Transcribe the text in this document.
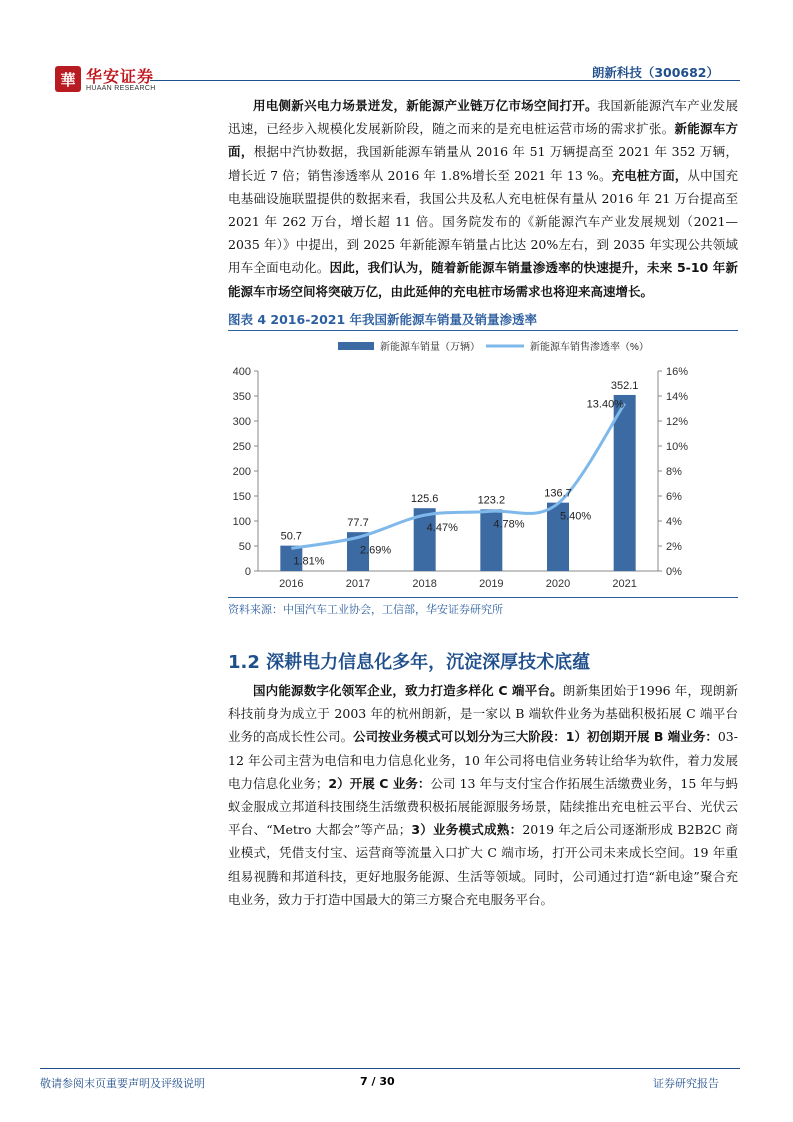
華 华安证券
HUAAN RESEARCH
朗新科技（300682）
用电侧新兴电力场景迸发，新能源产业链万亿市场空间打开。我国新能源汽车产业发展迅速，已经步入规模化发展新阶段，随之而来的是充电桩运营市场的需求扩张。新能源车方面，根据中汽协数据，我国新能源车销量从 2016 年 51 万辆提高至 2021 年 352 万辆，增长近 7 倍；销售渗透率从 2016 年 1.8%增长至 2021 年 13 %。充电桩方面，从中国充电基础设施联盟提供的数据来看，我国公共及私人充电桩保有量从 2016 年 21 万台提高至 2021 年 262 万台，增长超 11 倍。国务院发布的《新能源汽车产业发展规划（2021—2035 年）》中提出，到 2025 年新能源车销量占比达 20%左右，到 2035 年实现公共领域用车全面电动化。因此，我们认为，随着新能源车销量渗透率的快速提升，未来 5-10 年新能源车市场空间将突破万亿，由此延伸的充电桩市场需求也将迎来高速增长。
图表 4 2016-2021 年我国新能源车销量及销量渗透率
新能源车销量（万辆）	新能源车销售渗透率（%）
0
50
100
150
200
250
300
350
400
0%
2%
4%
6%
8%
10%
12%
14%
16%
2016	2017	2018	2019	2020	2021
50.7
77.7
125.6	123.2
136.7
352.1
1.81%
2.69%
4.47%	4.78%
5.40%
13.40%
资料来源：中国汽车工业协会，工信部，华安证券研究所
1.2 深耕电力信息化多年，沉淀深厚技术底蕴
国内能源数字化领军企业，致力打造多样化 C 端平台。朗新集团始于1996 年，现朗新科技前身为成立于 2003 年的杭州朗新，是一家以 B 端软件业务为基础积极拓展 C 端平台业务的高成长性公司。公司按业务模式可以划分为三大阶段：1）初创期开展 B 端业务：03-12 年公司主营为电信和电力信息化业务，10 年公司将电信业务转让给华为软件，着力发展电力信息化业务；2）开展 C 业务：公司 13 年与支付宝合作拓展生活缴费业务，15 年与蚂蚁金服成立邦道科技围绕生活缴费积极拓展能源服务场景，陆续推出充电桩云平台、光伏云平台、“Metro 大都会”等产品；3）业务模式成熟：2019 年之后公司逐渐形成 B2B2C 商业模式，凭借支付宝、运营商等流量入口扩大 C 端市场，打开公司未来成长空间。19 年重组易视腾和邦道科技，更好地服务能源、生活等领域。同时，公司通过打造“新电途”聚合充电业务，致力于打造中国最大的第三方聚合充电服务平台。
敬请参阅末页重要声明及评级说明	7 / 30	证券研究报告
